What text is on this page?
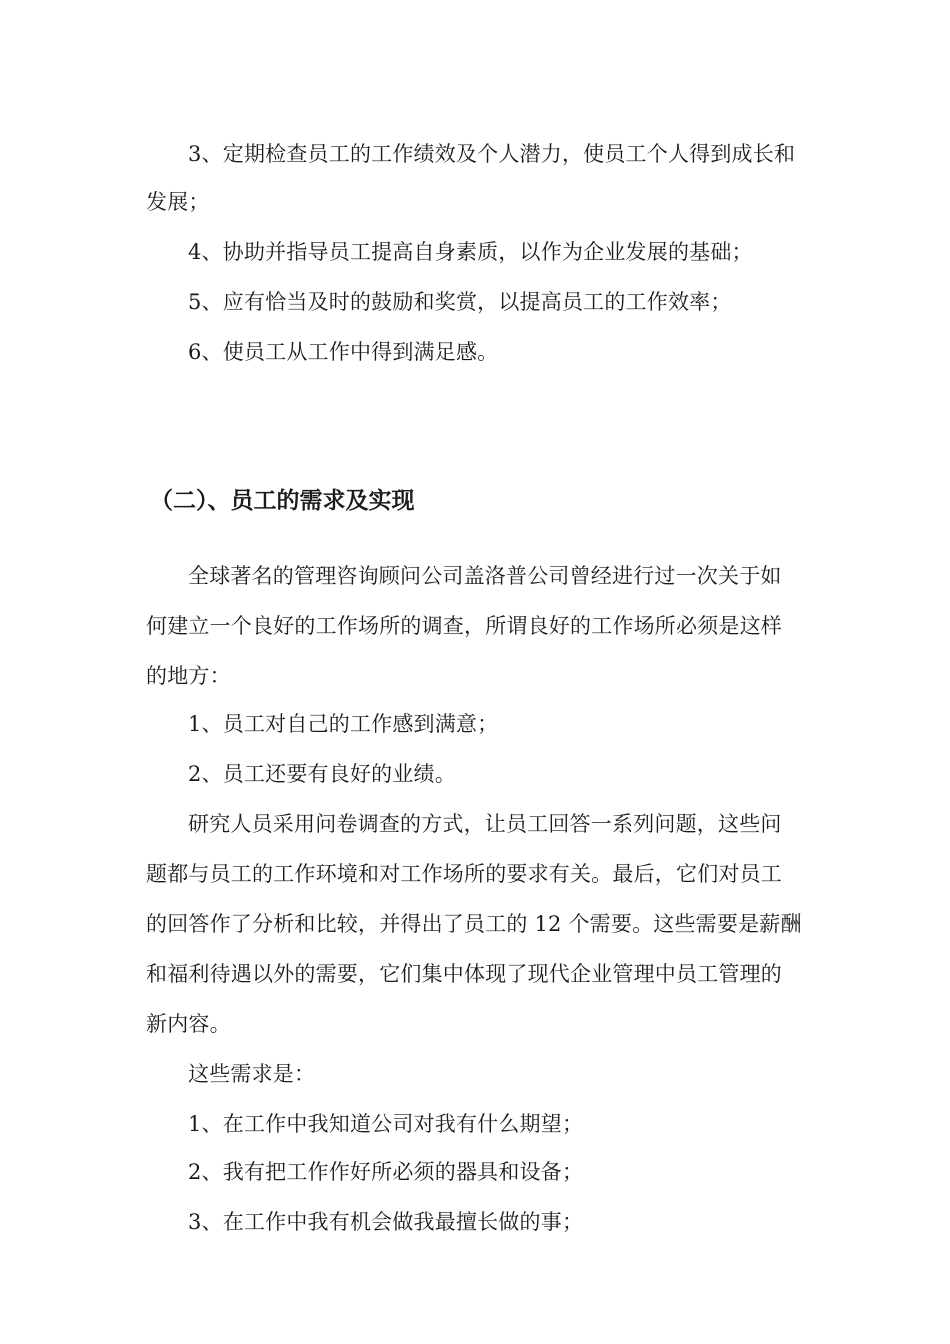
3、定期检查员工的工作绩效及个人潜力，使员工个人得到成长和
发展；
4、协助并指导员工提高自身素质，以作为企业发展的基础；
5、应有恰当及时的鼓励和奖赏，以提高员工的工作效率；
6、使员工从工作中得到满足感。
（二）、员工的需求及实现
全球著名的管理咨询顾问公司盖洛普公司曾经进行过一次关于如
何建立一个良好的工作场所的调查，所谓良好的工作场所必须是这样
的地方：
1、员工对自己的工作感到满意；
2、员工还要有良好的业绩。
研究人员采用问卷调查的方式，让员工回答一系列问题，这些问
题都与员工的工作环境和对工作场所的要求有关。最后，它们对员工
的回答作了分析和比较，并得出了员工的 12 个需要。这些需要是薪酬
和福利待遇以外的需要，它们集中体现了现代企业管理中员工管理的
新内容。
这些需求是：
1、在工作中我知道公司对我有什么期望；
2、我有把工作作好所必须的器具和设备；
3、在工作中我有机会做我最擅长做的事；
